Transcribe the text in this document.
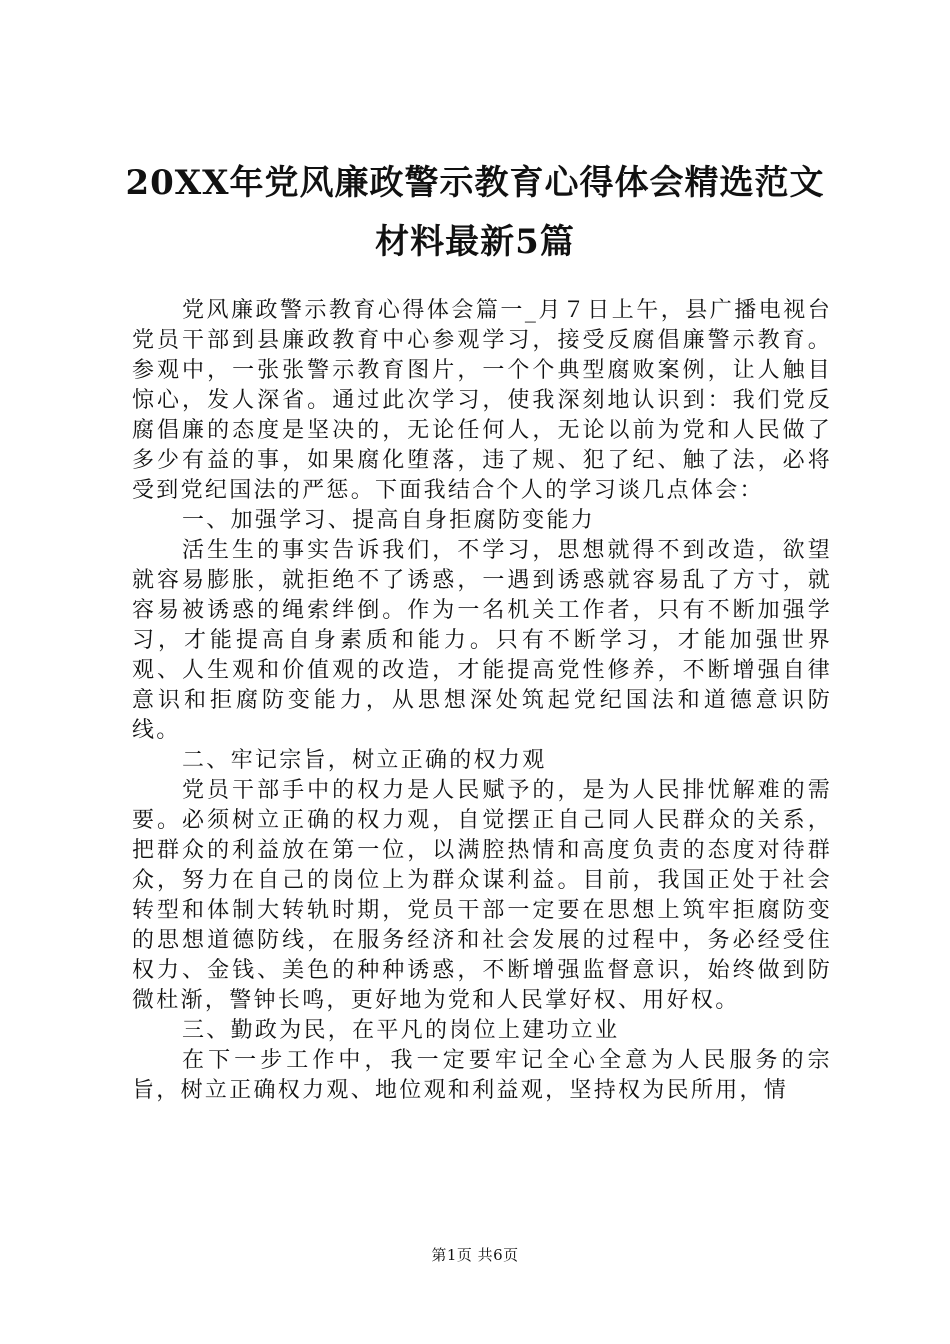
20XX年党风廉政警示教育心得体会精选范文
材料最新5篇

党风廉政警示教育心得体会篇一_月７日上午，县广播电视台党员干部到县廉政教育中心参观学习，接受反腐倡廉警示教育。参观中，一张张警示教育图片，一个个典型腐败案例，让人触目惊心，发人深省。通过此次学习，使我深刻地认识到：我们党反腐倡廉的态度是坚决的，无论任何人，无论以前为党和人民做了多少有益的事，如果腐化堕落，违了规、犯了纪、触了法，必将受到党纪国法的严惩。下面我结合个人的学习谈几点体会：

一、加强学习、提高自身拒腐防变能力

活生生的事实告诉我们，不学习，思想就得不到改造，欲望就容易膨胀，就拒绝不了诱惑，一遇到诱惑就容易乱了方寸，就容易被诱惑的绳索绊倒。作为一名机关工作者，只有不断加强学习，才能提高自身素质和能力。只有不断学习，才能加强世界观、人生观和价值观的改造，才能提高党性修养，不断增强自律意识和拒腐防变能力，从思想深处筑起党纪国法和道德意识防线。

二、牢记宗旨，树立正确的权力观

党员干部手中的权力是人民赋予的，是为人民排忧解难的需要。必须树立正确的权力观，自觉摆正自己同人民群众的关系，把群众的利益放在第一位，以满腔热情和高度负责的态度对待群众，努力在自己的岗位上为群众谋利益。目前，我国正处于社会转型和体制大转轨时期，党员干部一定要在思想上筑牢拒腐防变的思想道德防线，在服务经济和社会发展的过程中，务必经受住权力、金钱、美色的种种诱惑，不断增强监督意识，始终做到防微杜渐，警钟长鸣，更好地为党和人民掌好权、用好权。

三、勤政为民，在平凡的岗位上建功立业

在下一步工作中，我一定要牢记全心全意为人民服务的宗旨，树立正确权力观、地位观和利益观，坚持权为民所用，情

第1页 共6页
